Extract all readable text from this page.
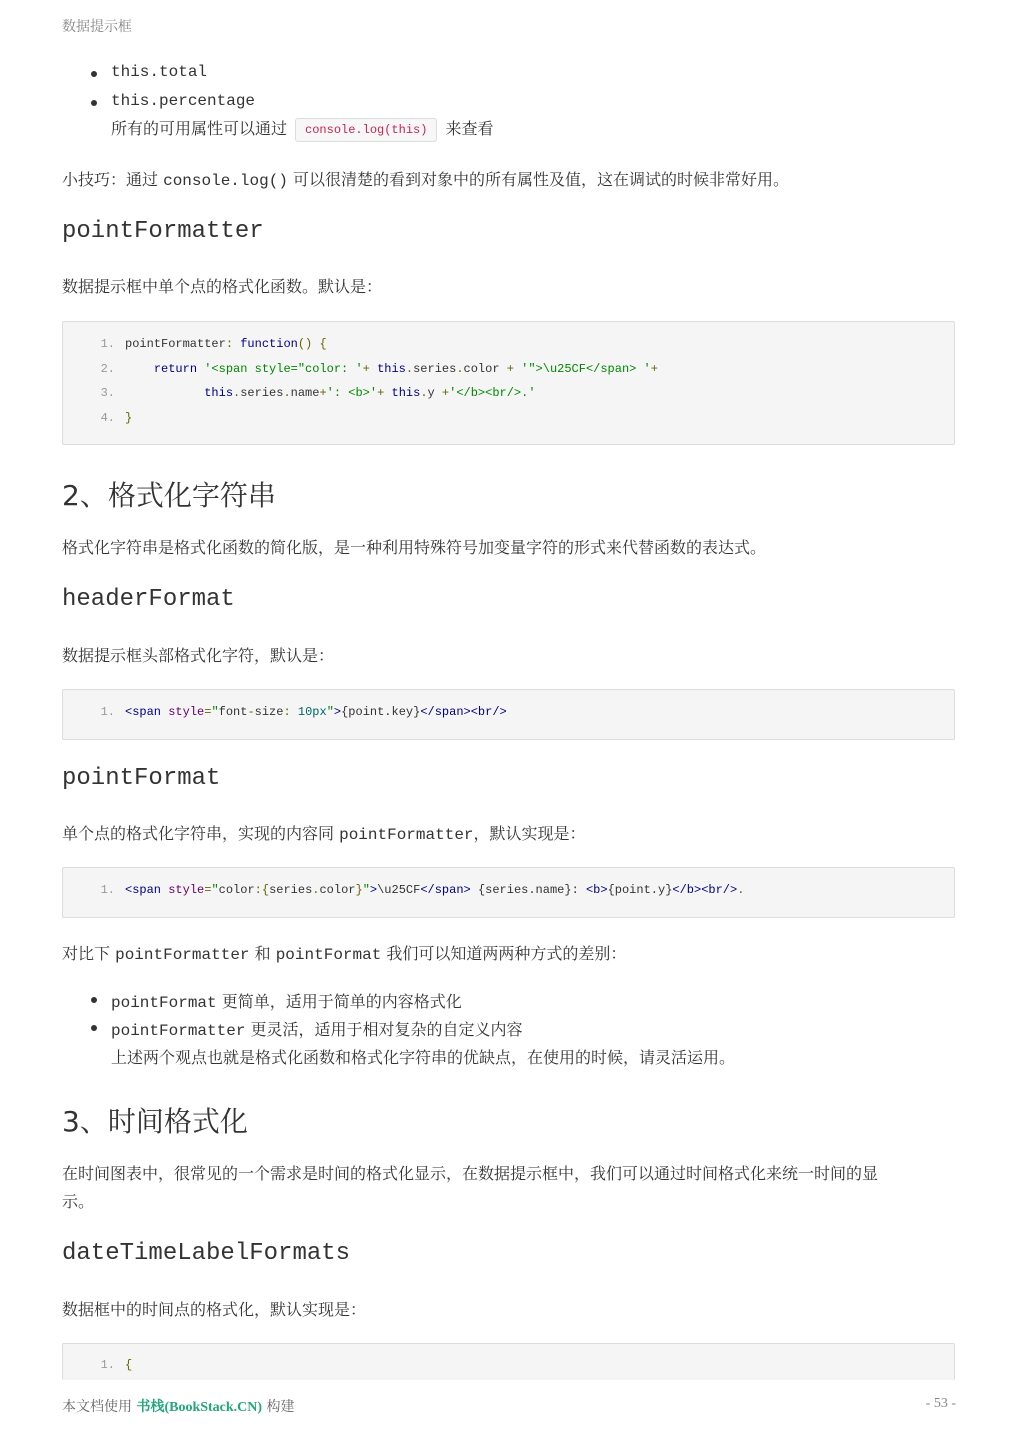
数据提示框
this.total
this.percentage
所有的可用属性可以通过 console.log(this) 来查看
小技巧：通过 console.log() 可以很清楚的看到对象中的所有属性及值，这在调试的时候非常好用。
pointFormatter
数据提示框中单个点的格式化函数。默认是：
1. pointFormatter: function() {
2.	return '<span style="color: '+ this.series.color + '">\u25CF</span> '+
3.	this.series.name+': <b>'+ this.y +'</b><br/>.'
4. }
2、格式化字符串
格式化字符串是格式化函数的简化版，是一种利用特殊符号加变量字符的形式来代替函数的表达式。
headerFormat
数据提示框头部格式化字符，默认是：
1. <span style="font-size: 10px">{point.key}</span><br/>
pointFormat
单个点的格式化字符串，实现的内容同 pointFormatter，默认实现是：
1. <span style="color:{series.color}">\u25CF</span> {series.name}: <b>{point.y}</b><br/>.
对比下 pointFormatter 和 pointFormat 我们可以知道两两种方式的差别：
pointFormat 更简单，适用于简单的内容格式化
pointFormatter 更灵活，适用于相对复杂的自定义内容
上述两个观点也就是格式化函数和格式化字符串的优缺点，在使用的时候，请灵活运用。
3、时间格式化
在时间图表中，很常见的一个需求是时间的格式化显示，在数据提示框中，我们可以通过时间格式化来统一时间的显
示。
dateTimeLabelFormats
数据框中的时间点的格式化，默认实现是：
1. {
本文档使用 书栈(BookStack.CN) 构建	- 53 -
